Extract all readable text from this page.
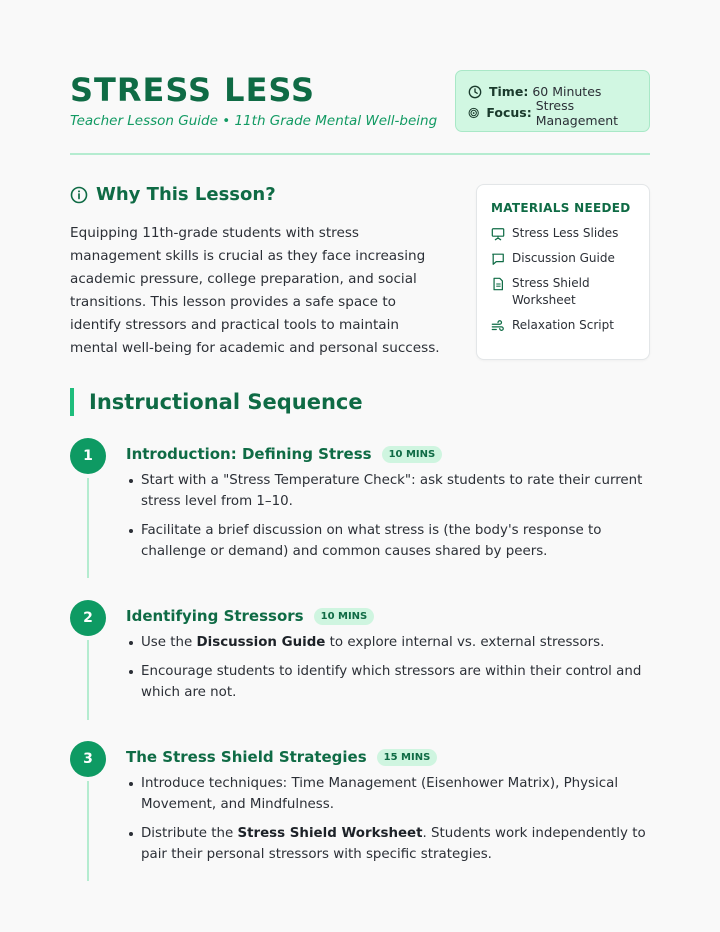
STRESS LESS
Teacher Lesson Guide • 11th Grade Mental Well-being
Time: 60 Minutes
Focus: Stress Management
Why This Lesson?

Equipping 11th-grade students with stress management skills is crucial as they face increasing academic pressure, college preparation, and social transitions. This lesson provides a safe space to identify stressors and practical tools to maintain mental well-being for academic and personal success.

MATERIALS NEEDED
Stress Less Slides
Discussion Guide
Stress Shield Worksheet
Relaxation Script
Instructional Sequence
1	Introduction: Defining Stress	10 MINS
Start with a "Stress Temperature Check": ask students to rate their current stress level from 1–10.
Facilitate a brief discussion on what stress is (the body's response to challenge or demand) and common causes shared by peers.
2	Identifying Stressors	10 MINS
Use the Discussion Guide to explore internal vs. external stressors.
Encourage students to identify which stressors are within their control and which are not.
3	The Stress Shield Strategies	15 MINS
Introduce techniques: Time Management (Eisenhower Matrix), Physical Movement, and Mindfulness.
Distribute the Stress Shield Worksheet. Students work independently to pair their personal stressors with specific strategies.
